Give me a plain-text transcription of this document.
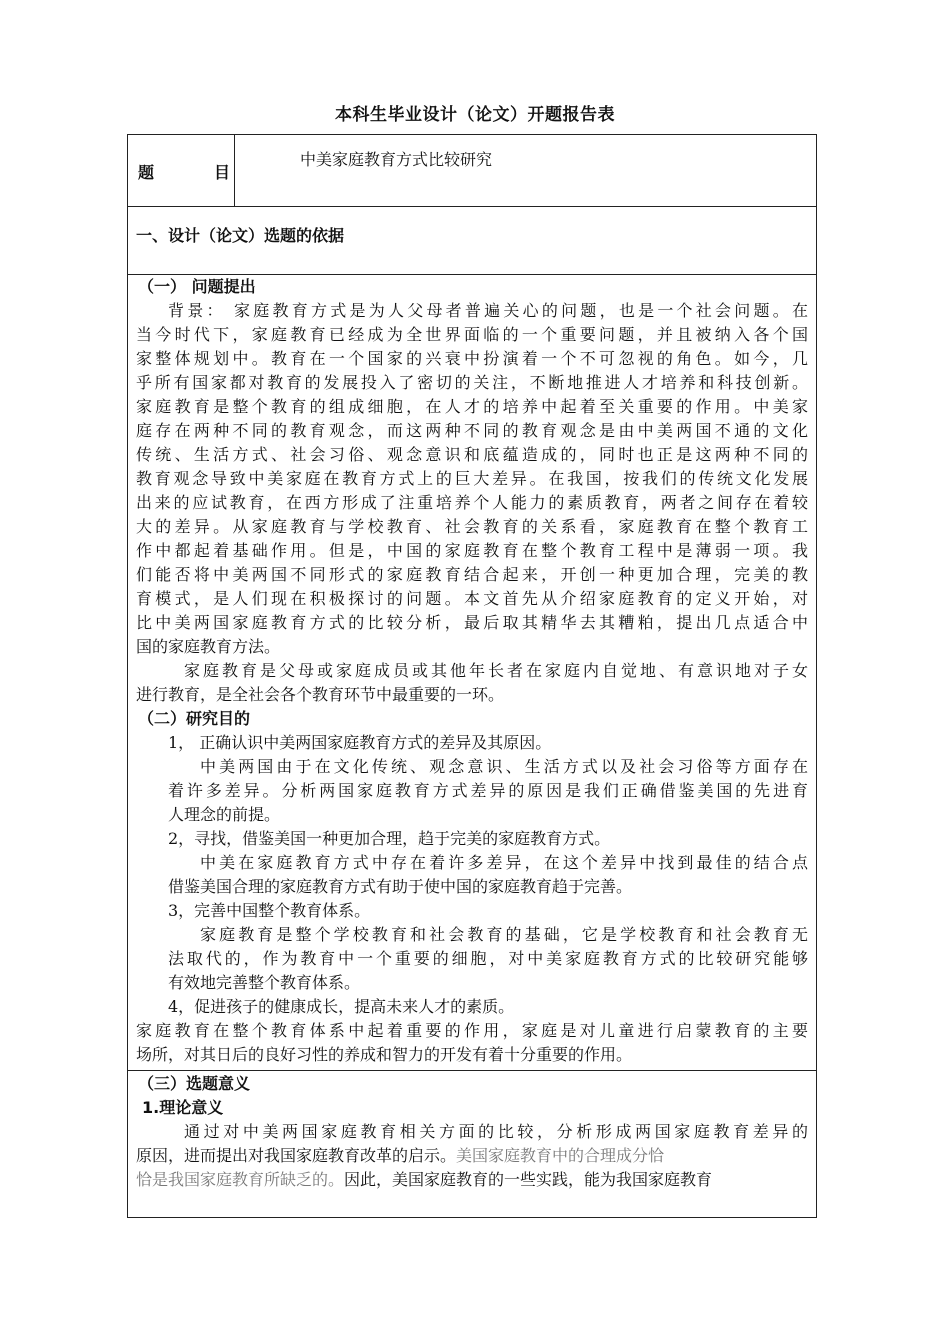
本科生毕业设计（论文）开题报告表
题	目
中美家庭教育方式比较研究
一、设计（论文）选题的依据
（一） 问题提出
背景： 家庭教育方式是为人父母者普遍关心的问题，也是一个社会问题。在
当今时代下，家庭教育已经成为全世界面临的一个重要问题，并且被纳入各个国
家整体规划中。教育在一个国家的兴衰中扮演着一个不可忽视的角色。如今，几
乎所有国家都对教育的发展投入了密切的关注，不断地推进人才培养和科技创新。
家庭教育是整个教育的组成细胞，在人才的培养中起着至关重要的作用。中美家
庭存在两种不同的教育观念，而这两种不同的教育观念是由中美两国不通的文化
传统、生活方式、社会习俗、观念意识和底蕴造成的，同时也正是这两种不同的
教育观念导致中美家庭在教育方式上的巨大差异。在我国，按我们的传统文化发展
出来的应试教育，在西方形成了注重培养个人能力的素质教育，两者之间存在着较
大的差异。从家庭教育与学校教育、社会教育的关系看，家庭教育在整个教育工
作中都起着基础作用。但是，中国的家庭教育在整个教育工程中是薄弱一项。我
们能否将中美两国不同形式的家庭教育结合起来，开创一种更加合理，完美的教
育模式，是人们现在积极探讨的问题。本文首先从介绍家庭教育的定义开始，对
比中美两国家庭教育方式的比较分析，最后取其精华去其糟粕，提出几点适合中
国的家庭教育方法。
家庭教育是父母或家庭成员或其他年长者在家庭内自觉地、有意识地对子女
进行教育，是全社会各个教育环节中最重要的一环。
（二）研究目的
1， 正确认识中美两国家庭教育方式的差异及其原因。
中美两国由于在文化传统、观念意识、生活方式以及社会习俗等方面存在
着许多差异。分析两国家庭教育方式差异的原因是我们正确借鉴美国的先进育
人理念的前提。
2，寻找，借鉴美国一种更加合理，趋于完美的家庭教育方式。
中美在家庭教育方式中存在着许多差异，在这个差异中找到最佳的结合点
借鉴美国合理的家庭教育方式有助于使中国的家庭教育趋于完善。
3，完善中国整个教育体系。
家庭教育是整个学校教育和社会教育的基础，它是学校教育和社会教育无
法取代的，作为教育中一个重要的细胞，对中美家庭教育方式的比较研究能够
有效地完善整个教育体系。
4，促进孩子的健康成长，提高未来人才的素质。
家庭教育在整个教育体系中起着重要的作用，家庭是对儿童进行启蒙教育的主要
场所，对其日后的良好习性的养成和智力的开发有着十分重要的作用。
（三）选题意义
1.理论意义
通过对中美两国家庭教育相关方面的比较，分析形成两国家庭教育差异的
原因，进而提出对我国家庭教育改革的启示。美国家庭教育中的合理成分恰
恰是我国家庭教育所缺乏的。因此，美国家庭教育的一些实践，能为我国家庭教育
